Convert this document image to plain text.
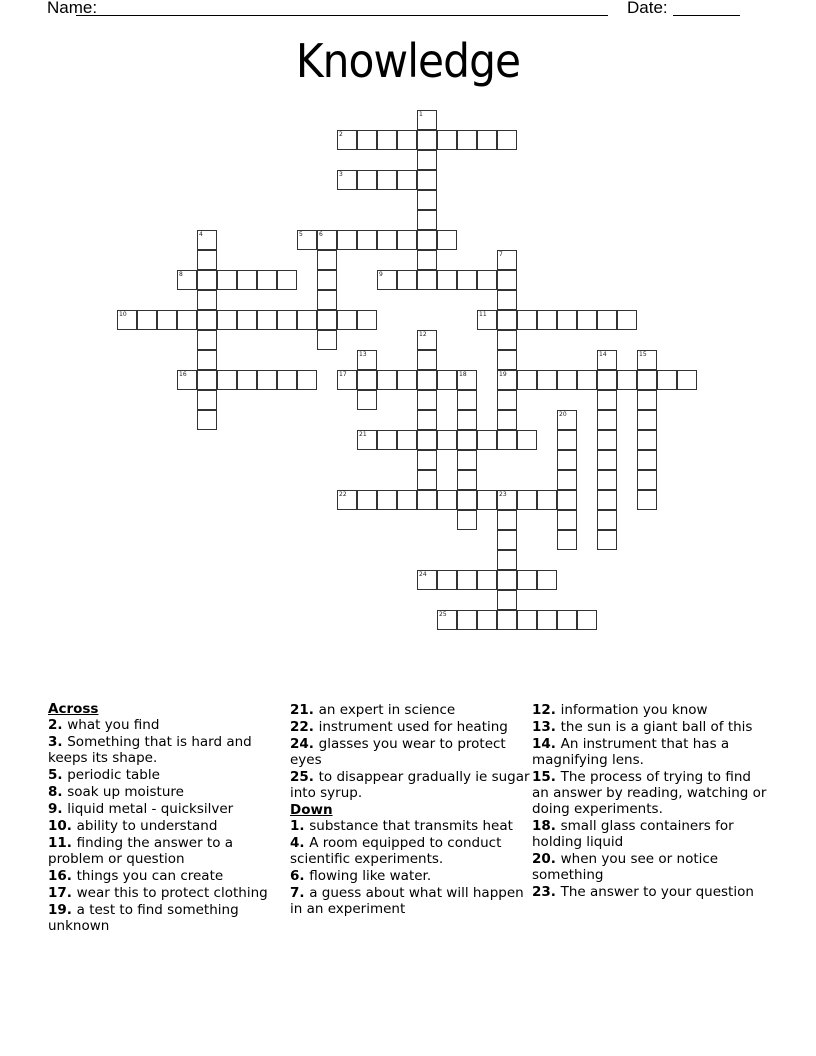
Name:	Date:
Knowledge
1
2
3
4	5	6
7
19
8	9
10	11
12
13	14	15
16	17	18
20
21
22	23
24
25
Across
2. what you find
3. Something that is hard and keeps its shape.
5. periodic table
8. soak up moisture
9. liquid metal - quicksilver
10. ability to understand
11. finding the answer to a problem or question
16. things you can create
17. wear this to protect clothing
19. a test to find something unknown
21. an expert in science
22. instrument used for heating
24. glasses you wear to protect eyes
25. to disappear gradually ie sugar into syrup.
Down
1. substance that transmits heat
4. A room equipped to conduct scientific experiments.
6. flowing like water.
7. a guess about what will happen in an experiment
12. information you know
13. the sun is a giant ball of this
14. An instrument that has a magnifying lens.
15. The process of trying to find an answer by reading, watching or doing experiments.
18. small glass containers for holding liquid
20. when you see or notice something
23. The answer to your question
